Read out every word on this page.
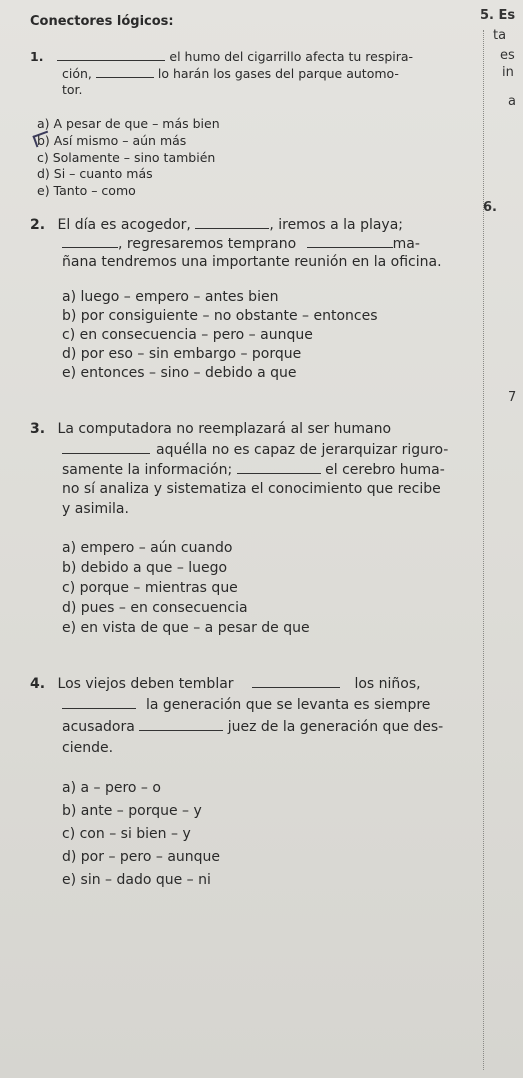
Conectores lógicos:	5. Es
ta
es
in
a
6.
7
1.	el humo del cigarrillo afecta tu respira-
ción,	lo harán los gases del parque automo-
tor.
a) A pesar de que – más bien
b) Así mismo – aún más
c) Solamente – sino también
d) Si – cuanto más
e) Tanto – como
2. El día es acogedor,	, iremos a la playa;
, regresaremos temprano	ma-
ñana tendremos una importante reunión en la oficina.
a) luego – empero – antes bien
b) por consiguiente – no obstante – entonces
c) en consecuencia – pero – aunque
d) por eso – sin embargo – porque
e) entonces – sino – debido a que
3. La computadora no reemplazará al ser humano
aquélla no es capaz de jerarquizar riguro-
samente la información;	el cerebro huma-
no sí analiza y sistematiza el conocimiento que recibe
y asimila.
a) empero – aún cuando
b) debido a que – luego
c) porque – mientras que
d) pues – en consecuencia
e) en vista de que – a pesar de que
4. Los viejos deben temblar	los niños,
la generación que se levanta es siempre
acusadora	juez de la generación que des-
ciende.
a) a – pero – o
b) ante – porque – y
c) con – si bien – y
d) por – pero – aunque
e) sin – dado que – ni
